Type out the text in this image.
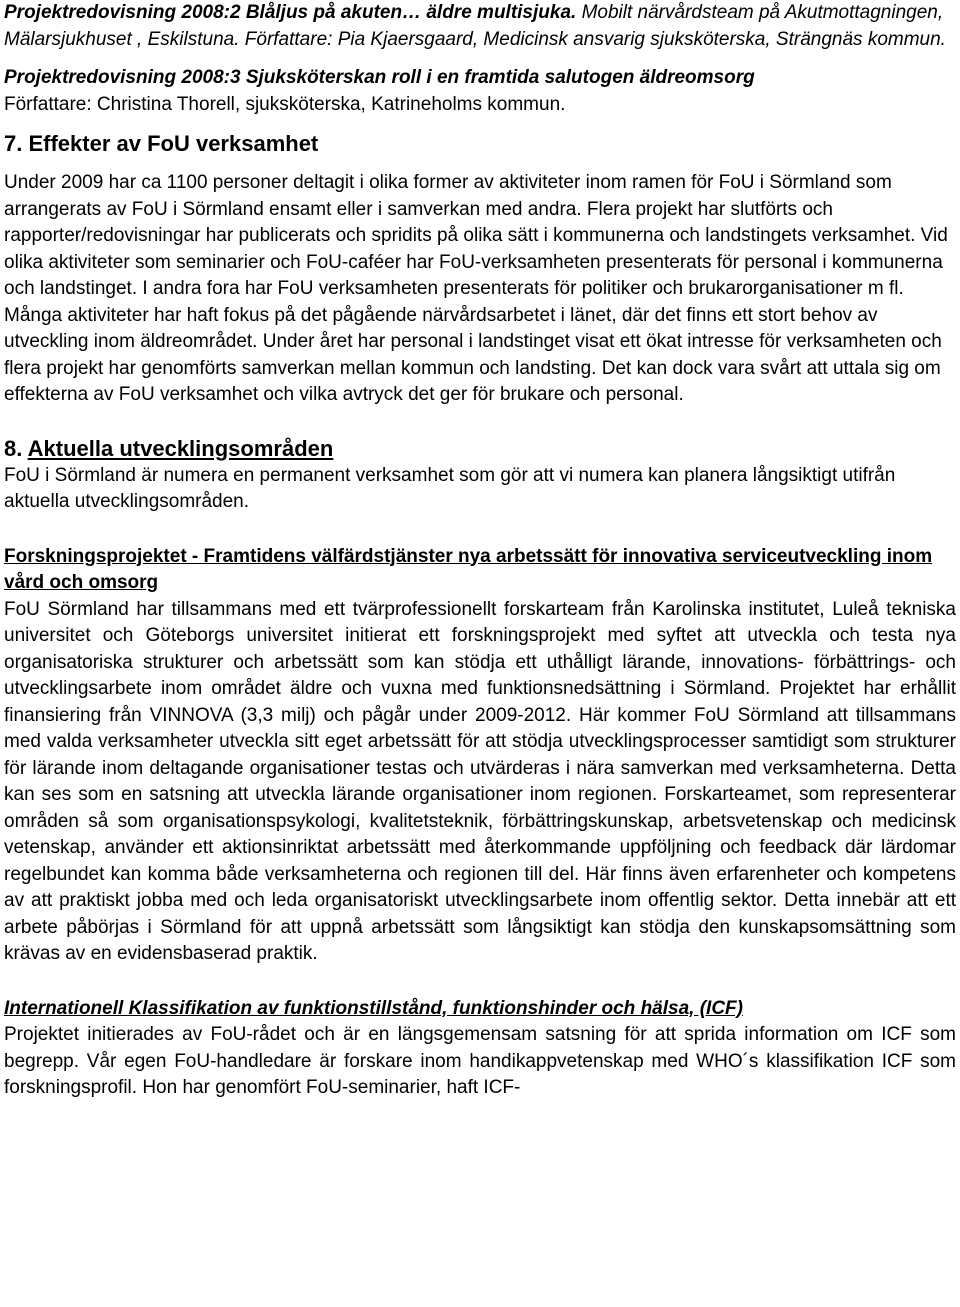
Projektredovisning 2008:2 Blåljus på akuten… äldre multisjuka. Mobilt närvårdsteam på Akutmottagningen, Mälarsjukhuset , Eskilstuna. Författare: Pia Kjaersgaard, Medicinsk ansvarig sjuksköterska, Strängnäs kommun.

Projektredovisning 2008:3 Sjuksköterskan roll i en framtida salutogen äldreomsorg
Författare: Christina Thorell, sjuksköterska, Katrineholms kommun.

7. Effekter av FoU verksamhet

Under 2009 har ca 1100 personer deltagit i olika former av aktiviteter inom ramen för FoU i Sörmland som arrangerats av FoU i Sörmland ensamt eller i samverkan med andra. Flera projekt har slutförts och rapporter/redovisningar har publicerats och spridits på olika sätt i kommunerna och landstingets verksamhet. Vid olika aktiviteter som seminarier och FoU-caféer har FoU-verksamheten presenterats för personal i kommunerna och landstinget. I andra fora har FoU verksamheten presenterats för politiker och brukarorganisationer m fl. Många aktiviteter har haft fokus på det pågående närvårdsarbetet i länet, där det finns ett stort behov av utveckling inom äldreområdet. Under året har personal i landstinget visat ett ökat intresse för verksamheten och flera projekt har genomförts samverkan mellan kommun och landsting. Det kan dock vara svårt att uttala sig om effekterna av FoU verksamhet och vilka avtryck det ger för brukare och personal.

8. Aktuella utvecklingsområden

FoU i Sörmland är numera en permanent verksamhet som gör att vi numera kan planera långsiktigt utifrån aktuella utvecklingsområden.

Forskningsprojektet - Framtidens välfärdstjänster nya arbetssätt för innovativa serviceutveckling inom vård och omsorg

FoU Sörmland har tillsammans med ett tvärprofessionellt forskarteam från Karolinska institutet, Luleå tekniska universitet och Göteborgs universitet initierat ett forskningsprojekt med syftet att utveckla och testa nya organisatoriska strukturer och arbetssätt som kan stödja ett uthålligt lärande, innovations- förbättrings- och utvecklingsarbete inom området äldre och vuxna med funktionsnedsättning i Sörmland. Projektet har erhållit finansiering från VINNOVA (3,3 milj) och pågår under 2009-2012. Här kommer FoU Sörmland att tillsammans med valda verksamheter utveckla sitt eget arbetssätt för att stödja utvecklingsprocesser samtidigt som strukturer för lärande inom deltagande organisationer testas och utvärderas i nära samverkan med verksamheterna. Detta kan ses som en satsning att utveckla lärande organisationer inom regionen. Forskarteamet, som representerar områden så som organisationspsykologi, kvalitetsteknik, förbättringskunskap, arbetsvetenskap och medicinsk vetenskap, använder ett aktionsinriktat arbetssätt med återkommande uppföljning och feedback där lärdomar regelbundet kan komma både verksamheterna och regionen till del. Här finns även erfarenheter och kompetens av att praktiskt jobba med och leda organisatoriskt utvecklingsarbete inom offentlig sektor. Detta innebär att ett arbete påbörjas i Sörmland för att uppnå arbetssätt som långsiktigt kan stödja den kunskapsomsättning som krävas av en evidensbaserad praktik.

Internationell Klassifikation av funktionstillstånd, funktionshinder och hälsa, (ICF)

Projektet initierades av FoU-rådet och är en längsgemensam satsning för att sprida information om ICF som begrepp. Vår egen FoU-handledare är forskare inom handikappvetenskap med WHO´s klassifikation ICF som forskningsprofil. Hon har genomfört FoU-seminarier, haft ICF-
